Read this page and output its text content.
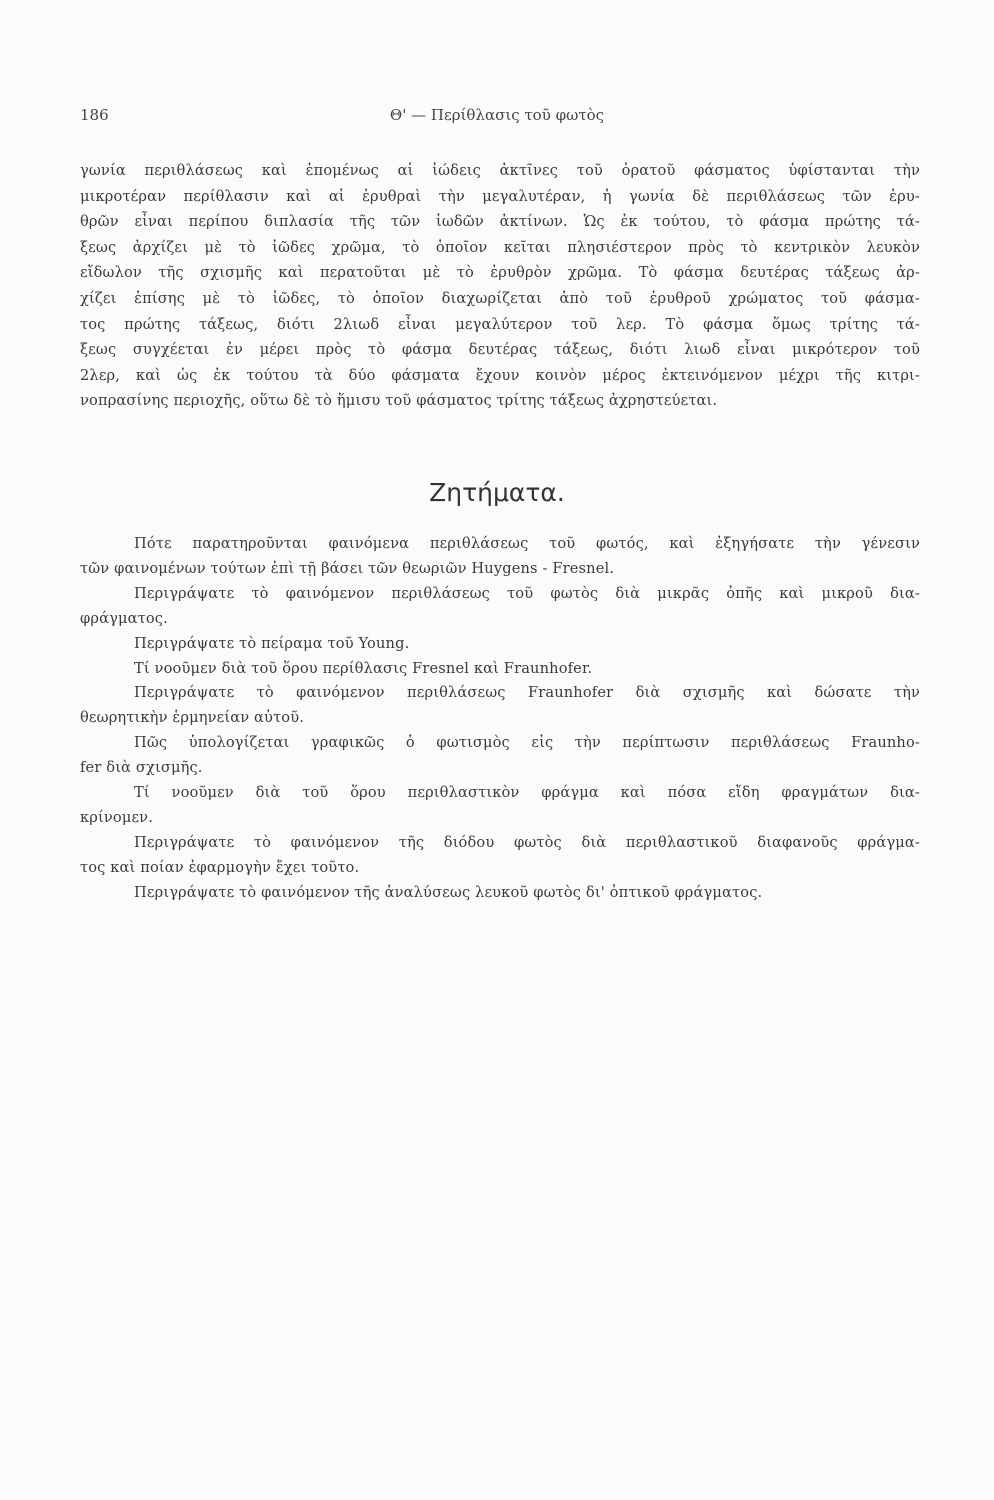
186	Θ' — Περίθλασις τοῦ φωτὸς
γωνία περιθλάσεως καὶ ἑπομένως αἱ ἰώδεις ἀκτῖνες τοῦ ὁρατοῦ φάσματος ὑφίστανται τὴν
μικροτέραν περίθλασιν καὶ αἱ ἐρυθραὶ τὴν μεγαλυτέραν, ἡ γωνία δὲ περιθλάσεως τῶν ἐρυ-
θρῶν εἶναι περίπου διπλασία τῆς τῶν ἰωδῶν ἀκτίνων. Ὡς ἐκ τούτου, τὸ φάσμα πρώτης τά-
ξεως ἀρχίζει μὲ τὸ ἰῶδες χρῶμα, τὸ ὁποῖον κεῖται πλησιέστερον πρὸς τὸ κεντρικὸν λευκὸν
εἴδωλον τῆς σχισμῆς καὶ περατοῦται μὲ τὸ ἐρυθρὸν χρῶμα. Τὸ φάσμα δευτέρας τάξεως ἀρ-
χίζει ἐπίσης μὲ τὸ ἰῶδες, τὸ ὁποῖον διαχωρίζεται ἀπὸ τοῦ ἐρυθροῦ χρώματος τοῦ φάσμα-
τος πρώτης τάξεως, διότι 2λιωδ εἶναι μεγαλύτερον τοῦ λερ. Τὸ φάσμα ὅμως τρίτης τά-
ξεως συγχέεται ἐν μέρει πρὸς τὸ φάσμα δευτέρας τάξεως, διότι λιωδ εἶναι μικρότερον τοῦ
2λερ, καὶ ὡς ἐκ τούτου τὰ δύο φάσματα ἔχουν κοινὸν μέρος ἐκτεινόμενον μέχρι τῆς κιτρι-
νοπρασίνης περιοχῆς, οὕτω δὲ τὸ ἥμισυ τοῦ φάσματος τρίτης τάξεως ἀχρηστεύεται.
Ζητήματα.
Πότε παρατηροῦνται φαινόμενα περιθλάσεως τοῦ φωτός, καὶ ἐξηγήσατε τὴν γένεσιν
τῶν φαινομένων τούτων ἐπὶ τῇ βάσει τῶν θεωριῶν Huygens - Fresnel.
Περιγράψατε τὸ φαινόμενον περιθλάσεως τοῦ φωτὸς διὰ μικρᾶς ὀπῆς καὶ μικροῦ δια-
φράγματος.
Περιγράψατε τὸ πείραμα τοῦ Young.
Τί νοοῦμεν διὰ τοῦ ὅρου περίθλασις Fresnel καὶ Fraunhofer.
Περιγράψατε τὸ φαινόμενον περιθλάσεως Fraunhofer διὰ σχισμῆς καὶ δώσατε τὴν
θεωρητικὴν ἑρμηνείαν αὐτοῦ.
Πῶς ὑπολογίζεται γραφικῶς ὁ φωτισμὸς εἰς τὴν περίπτωσιν περιθλάσεως Fraunho-
fer διὰ σχισμῆς.
Τί νοοῦμεν διὰ τοῦ ὅρου περιθλαστικὸν φράγμα καὶ πόσα εἴδη φραγμάτων δια-
κρίνομεν.
Περιγράψατε τὸ φαινόμενον τῆς διόδου φωτὸς διὰ περιθλαστικοῦ διαφανοῦς φράγμα-
τος καὶ ποίαν ἐφαρμογὴν ἔχει τοῦτο.
Περιγράψατε τὸ φαινόμενον τῆς ἀναλύσεως λευκοῦ φωτὸς δι' ὀπτικοῦ φράγματος.
